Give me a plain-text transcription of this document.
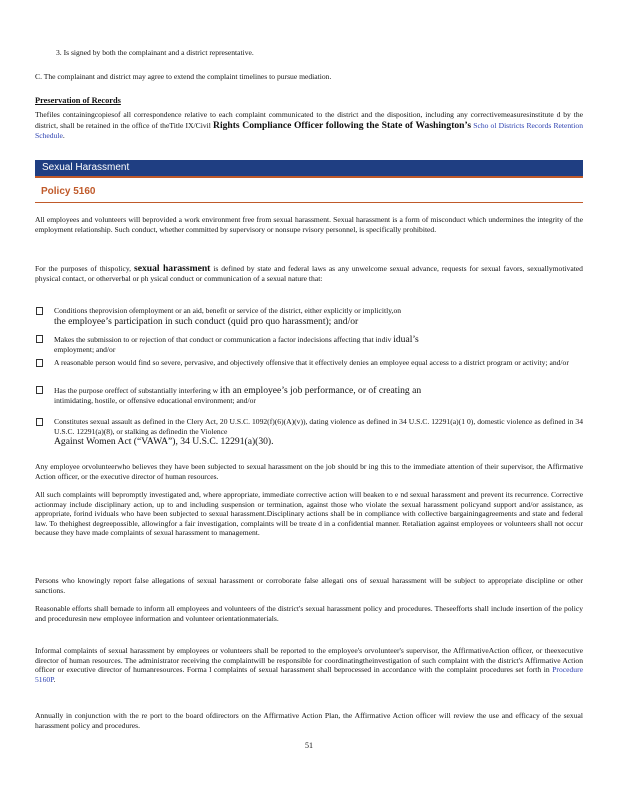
3. Is signed by both the complainant and a district representative.

C. The complainant and district may agree to extend the complaint timelines to pursue mediation.

Preservation of Records

Thefiles containingcopiesof all correspondence relative to each complaint communicated to the district and the disposition, including any correctivemeasuresinstitute d by the district, shall be retained in the office of theTitle IX/Civil Rights Compliance Officer following the State of Washington’s Scho ol Districts Records Retention Schedule.

Sexual Harassment
Policy 5160

All employees and volunteers will beprovided a work environment free from sexual harassment. Sexual harassment is a form of misconduct which undermines the integrity of the employment relationship. Such conduct, whether committed by supervisory or nonsupe rvisory personnel, is specifically prohibited.

For the purposes of thispolicy, sexual harassment is defined by state and federal laws as any unwelcome sexual advance, requests for sexual favors, sexuallymotivated physical contact, or otherverbal or ph ysical conduct or communication of a sexual nature that:

Conditions theprovision ofemployment or an aid, benefit or service of the district, either explicitly or implicitly,on
the employee’s participation in such conduct (quid pro quo harassment); and/or

Makes the submission to or rejection of that conduct or communication a factor indecisions affecting that indiv idual’s
employment; and/or

A reasonable person would find so severe, pervasive, and objectively offensive that it effectively denies an employee equal access to a district program or activity; and/or

Has the purpose oreffect of substantially interfering w ith an employee’s job performance, or of creating an
intimidating, hostile, or offensive educational environment; and/or

Constitutes sexual assault as defined in the Clery Act, 20 U.S.C. 1092(f)(6)(A)(v)), dating violence as defined in 34 U.S.C. 12291(a)(1 0), domestic violence as defined in 34 U.S.C. 12291(a)(8), or stalking as definedin the Violence
Against Women Act (“VAWA”), 34 U.S.C. 12291(a)(30).

Any employee orvolunteerwho believes they have been subjected to sexual harassment on the job should br ing this to the immediate attention of their supervisor, the Affirmative Action officer, or the executive director of human resources.

All such complaints will bepromptly investigated and, where appropriate, immediate corrective action will beaken to e nd sexual harassment and prevent its recurrence. Corrective actionmay include disciplinary action, up to and including suspension or termination, against those who violate the sexual harassment policyand support and/or assistance, as appropriate, forind ividuals who have been subjected to sexual harassment.Disciplinary actions shall be in compliance with collective bargainingagreements and state and federal law. To thehighest degreepossible, allowingfor a fair investigation, complaints will be treate d in a confidential manner. Retaliation against employees or volunteers shall not occur because they have made complaints of sexual harassment to management.

Persons who knowingly report false allegations of sexual harassment or corroborate false allegati ons of sexual harassment will be subject to appropriate discipline or other sanctions.

Reasonable efforts shall bemade to inform all employees and volunteers of the district's sexual harassment policy and procedures. Theseefforts shall include insertion of the policy and proceduresin new employee information and volunteer orientationmaterials.

Informal complaints of sexual harassment by employees or volunteers shall be reported to the employee's orvolunteer's supervisor, the AffirmativeAction officer, or theexecutive director of human resources. The administrator receiving the complaintwill be responsible for coordinatingtheinvestigation of such complaint with the district's Affirmative Action officer or executive director of humanresources. Forma l complaints of sexual harassment shall beprocessed in accordance with the complaint procedures set forth in Procedure 5160P.

Annually in conjunction with the re port to the board ofdirectors on the Affirmative Action Plan, the Affirmative Action officer will review the use and efficacy of the sexual harassment policy and procedures.

51
